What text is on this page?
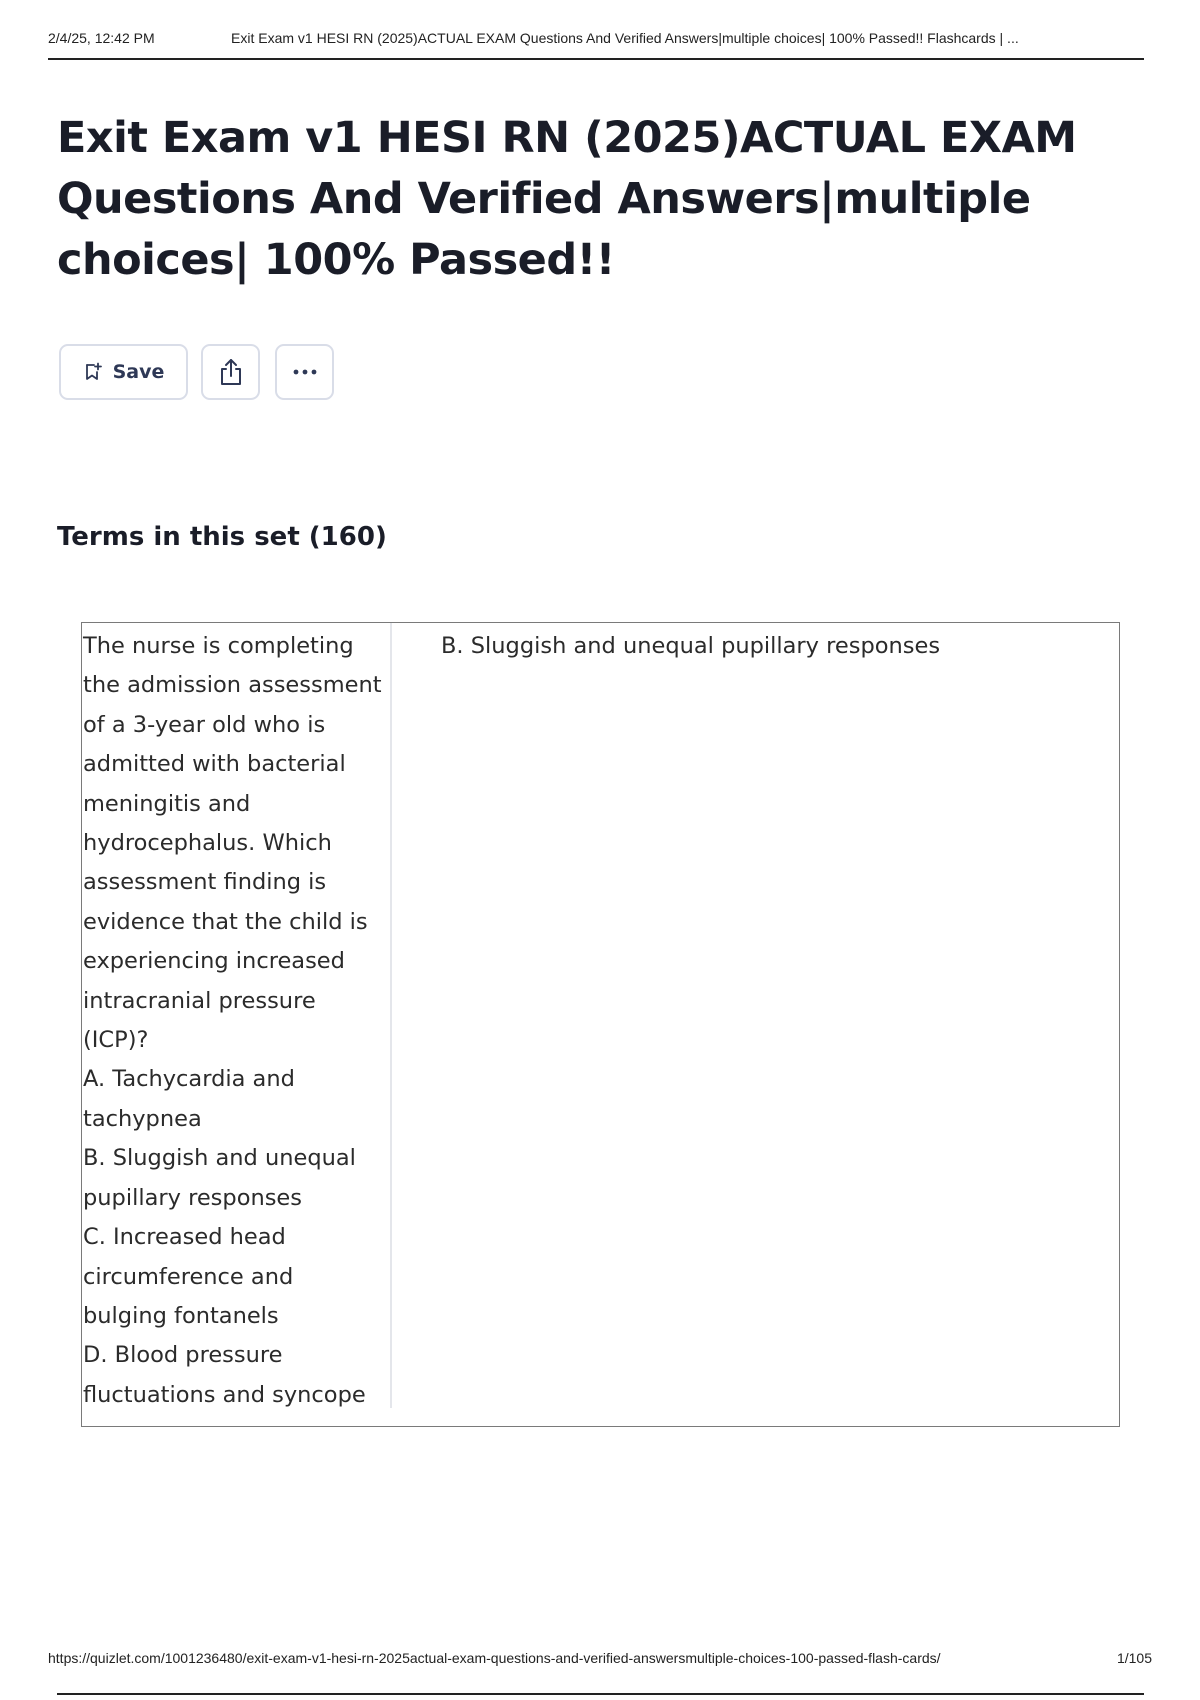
2/4/25, 12:42 PM	Exit Exam v1 HESI RN (2025)ACTUAL EXAM Questions And Verified Answers|multiple choices| 100% Passed!! Flashcards | ...
Exit Exam v1 HESI RN (2025)ACTUAL EXAM Questions And Verified Answers|multiple choices| 100% Passed!!
Save
Terms in this set (160)

The nurse is completing the admission assessment of a 3-year old who is admitted with bacterial meningitis and hydrocephalus. Which assessment finding is evidence that the child is experiencing increased intracranial pressure (ICP)?
A. Tachycardia and tachypnea
B. Sluggish and unequal pupillary responses
C. Increased head circumference and bulging fontanels
D. Blood pressure fluctuations and syncope

B. Sluggish and unequal pupillary responses

https://quizlet.com/1001236480/exit-exam-v1-hesi-rn-2025actual-exam-questions-and-verified-answersmultiple-choices-100-passed-flash-cards/	1/105
